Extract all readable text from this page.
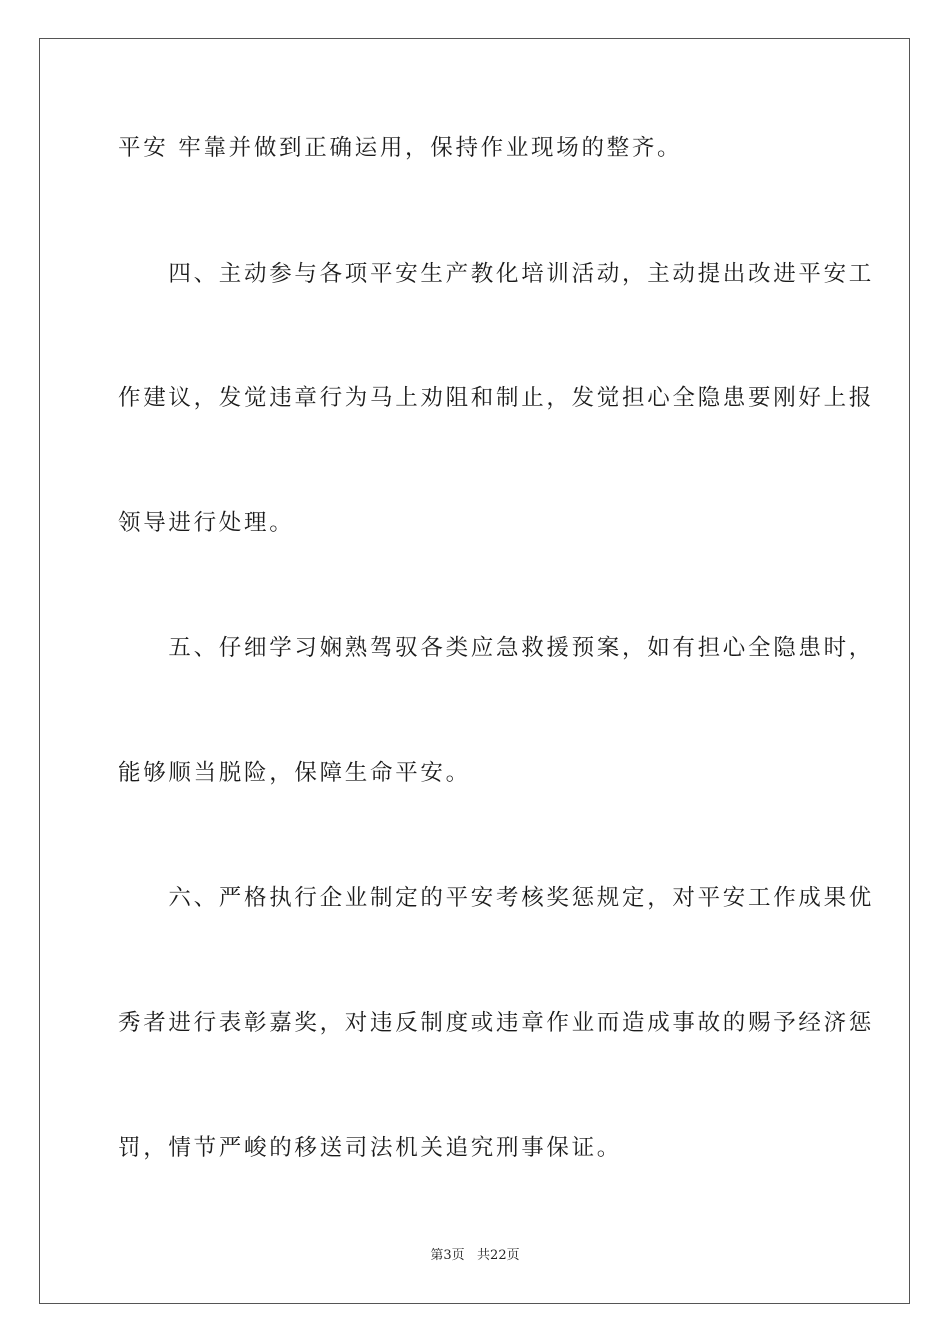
平安 牢靠并做到正确运用，保持作业现场的整齐。

　　四、主动参与各项平安生产教化培训活动，主动提出改进平安工

作建议，发觉违章行为马上劝阻和制止，发觉担心全隐患要刚好上报

领导进行处理。

　　五、仔细学习娴熟驾驭各类应急救援预案，如有担心全隐患时，

能够顺当脱险，保障生命平安。

　　六、严格执行企业制定的平安考核奖惩规定，对平安工作成果优

秀者进行表彰嘉奖，对违反制度或违章作业而造成事故的赐予经济惩

罚，情节严峻的移送司法机关追究刑事保证。

第3页   共22页
